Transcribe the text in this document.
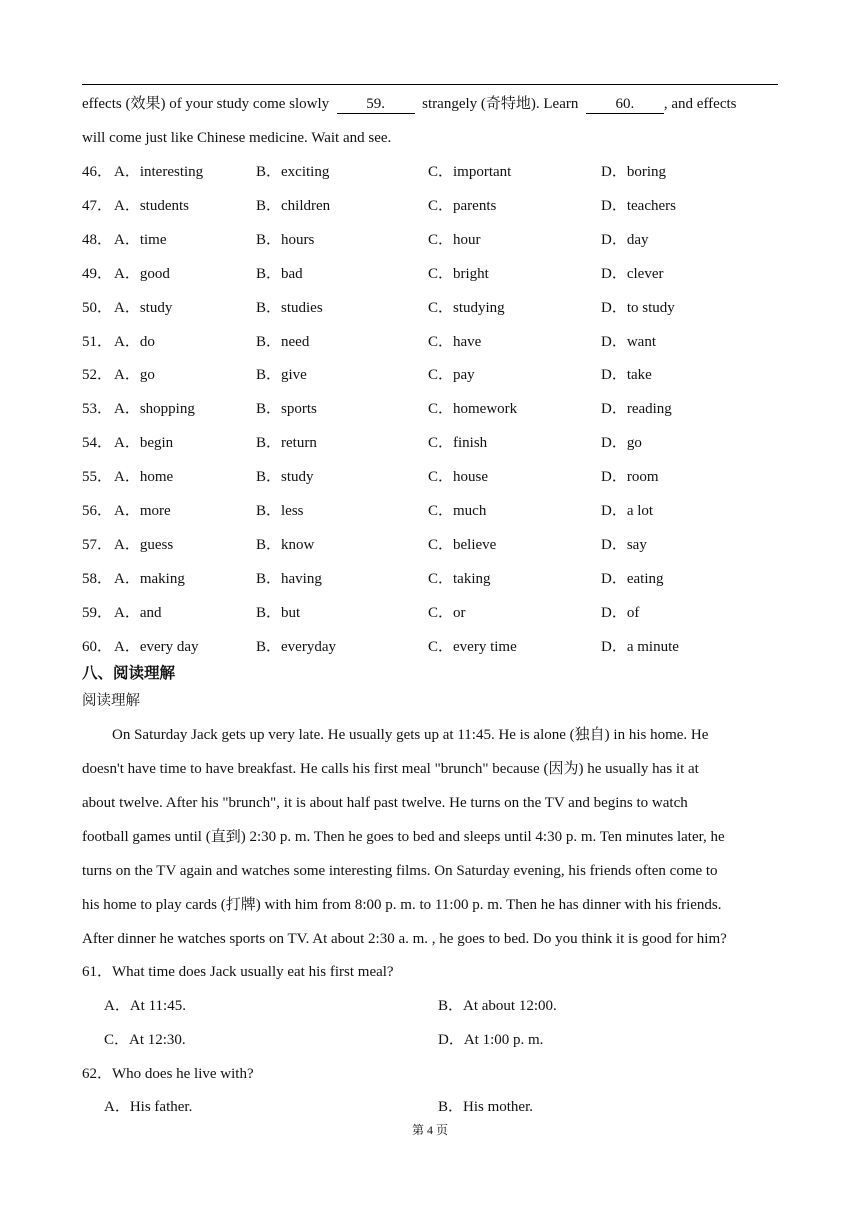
effects (效果) of your study come slowly 59. strangely (奇特地). Learn 60. , and effects
will come just like Chinese medicine. Wait and see.
46． A．interesting	B．exciting	C．important	D．boring
47． A．students	B．children	C．parents	D．teachers
48． A．time	B．hours	C．hour	D．day
49． A．good	B．bad	C．bright	D．clever
50． A．study	B．studies	C．studying	D．to study
51． A．do	B．need	C．have	D．want
52． A．go	B．give	C．pay	D．take
53． A．shopping	B．sports	C．homework	D．reading
54． A．begin	B．return	C．finish	D．go
55． A．home	B．study	C．house	D．room
56． A．more	B．less	C．much	D．a lot
57． A．guess	B．know	C．believe	D．say
58． A．making	B．having	C．taking	D．eating
59． A．and	B．but	C．or	D．of
60． A．every day	B．everyday	C．every time	D．a minute
八、阅读理解
阅读理解
On Saturday Jack gets up very late. He usually gets up at 11:45. He is alone (独自) in his home. He
doesn't have time to have breakfast. He calls his first meal "brunch" because (因为) he usually has it at
about twelve. After his "brunch", it is about half past twelve. He turns on the TV and begins to watch
football games until (直到) 2:30 p. m. Then he goes to bed and sleeps until 4:30 p. m. Ten minutes later, he
turns on the TV again and watches some interesting films. On Saturday evening, his friends often come to
his home to play cards (打牌) with him from 8:00 p. m. to 11:00 p. m. Then he has dinner with his friends.
After dinner he watches sports on TV. At about 2:30 a. m. , he goes to bed. Do you think it is good for him?
61．What time does Jack usually eat his first meal?
A．At 11:45.	B．At about 12:00.
C．At 12:30.	D．At 1:00 p. m.
62．Who does he live with?
A．His father.	B．His mother.
第 4 页
